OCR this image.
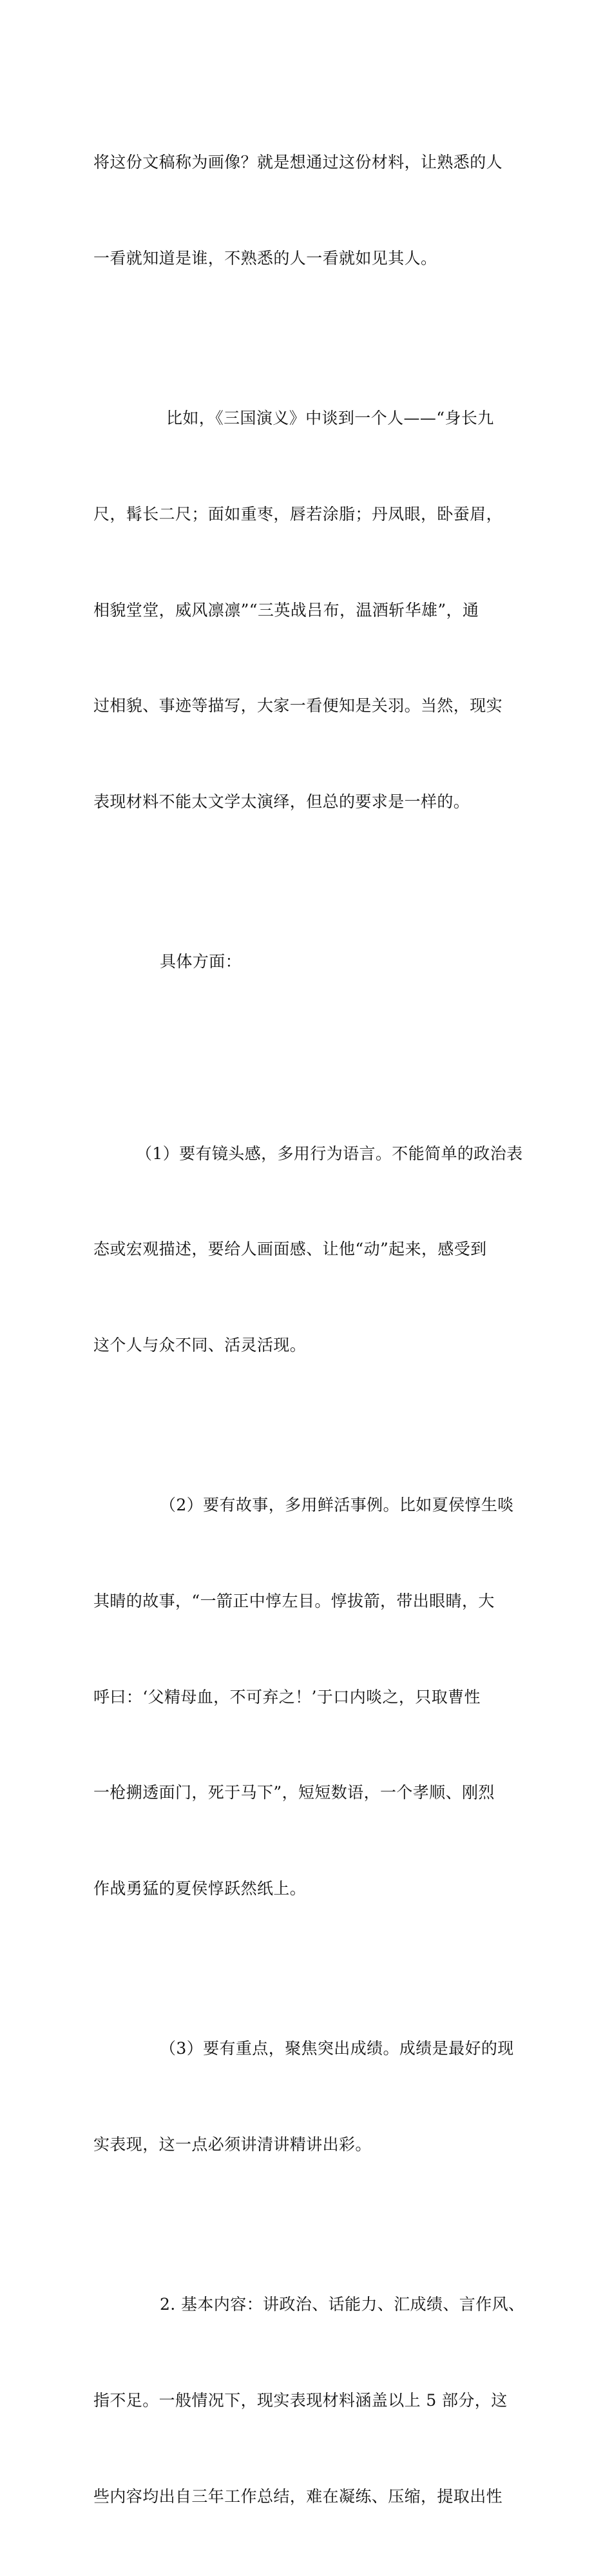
将这份文稿称为画像？就是想通过这份材料，让熟悉的人

一看就知道是谁，不熟悉的人一看就如见其人。

比如，《三国演义》中谈到一个人——“身长九

尺，髯长二尺；面如重枣，唇若涂脂；丹凤眼，卧蚕眉，

相貌堂堂，威风凛凛”“三英战吕布，温酒斩华雄”，通

过相貌、事迹等描写，大家一看便知是关羽。当然，现实

表现材料不能太文学太演绎，但总的要求是一样的。

具体方面：

（1）要有镜头感，多用行为语言。不能简单的政治表

态或宏观描述，要给人画面感、让他“动”起来，感受到

这个人与众不同、活灵活现。

（2）要有故事，多用鲜活事例。比如夏侯惇生啖

其睛的故事，“一箭正中惇左目。惇拔箭，带出眼睛，大

呼曰：‘父精母血，不可弃之！’于口内啖之，只取曹性

一枪搠透面门，死于马下”，短短数语，一个孝顺、刚烈

作战勇猛的夏侯惇跃然纸上。

（3）要有重点，聚焦突出成绩。成绩是最好的现

实表现，这一点必须讲清讲精讲出彩。

2. 基本内容：讲政治、话能力、汇成绩、言作风、

指不足。一般情况下，现实表现材料涵盖以上 5 部分，这

些内容均出自三年工作总结，难在凝练、压缩，提取出性
